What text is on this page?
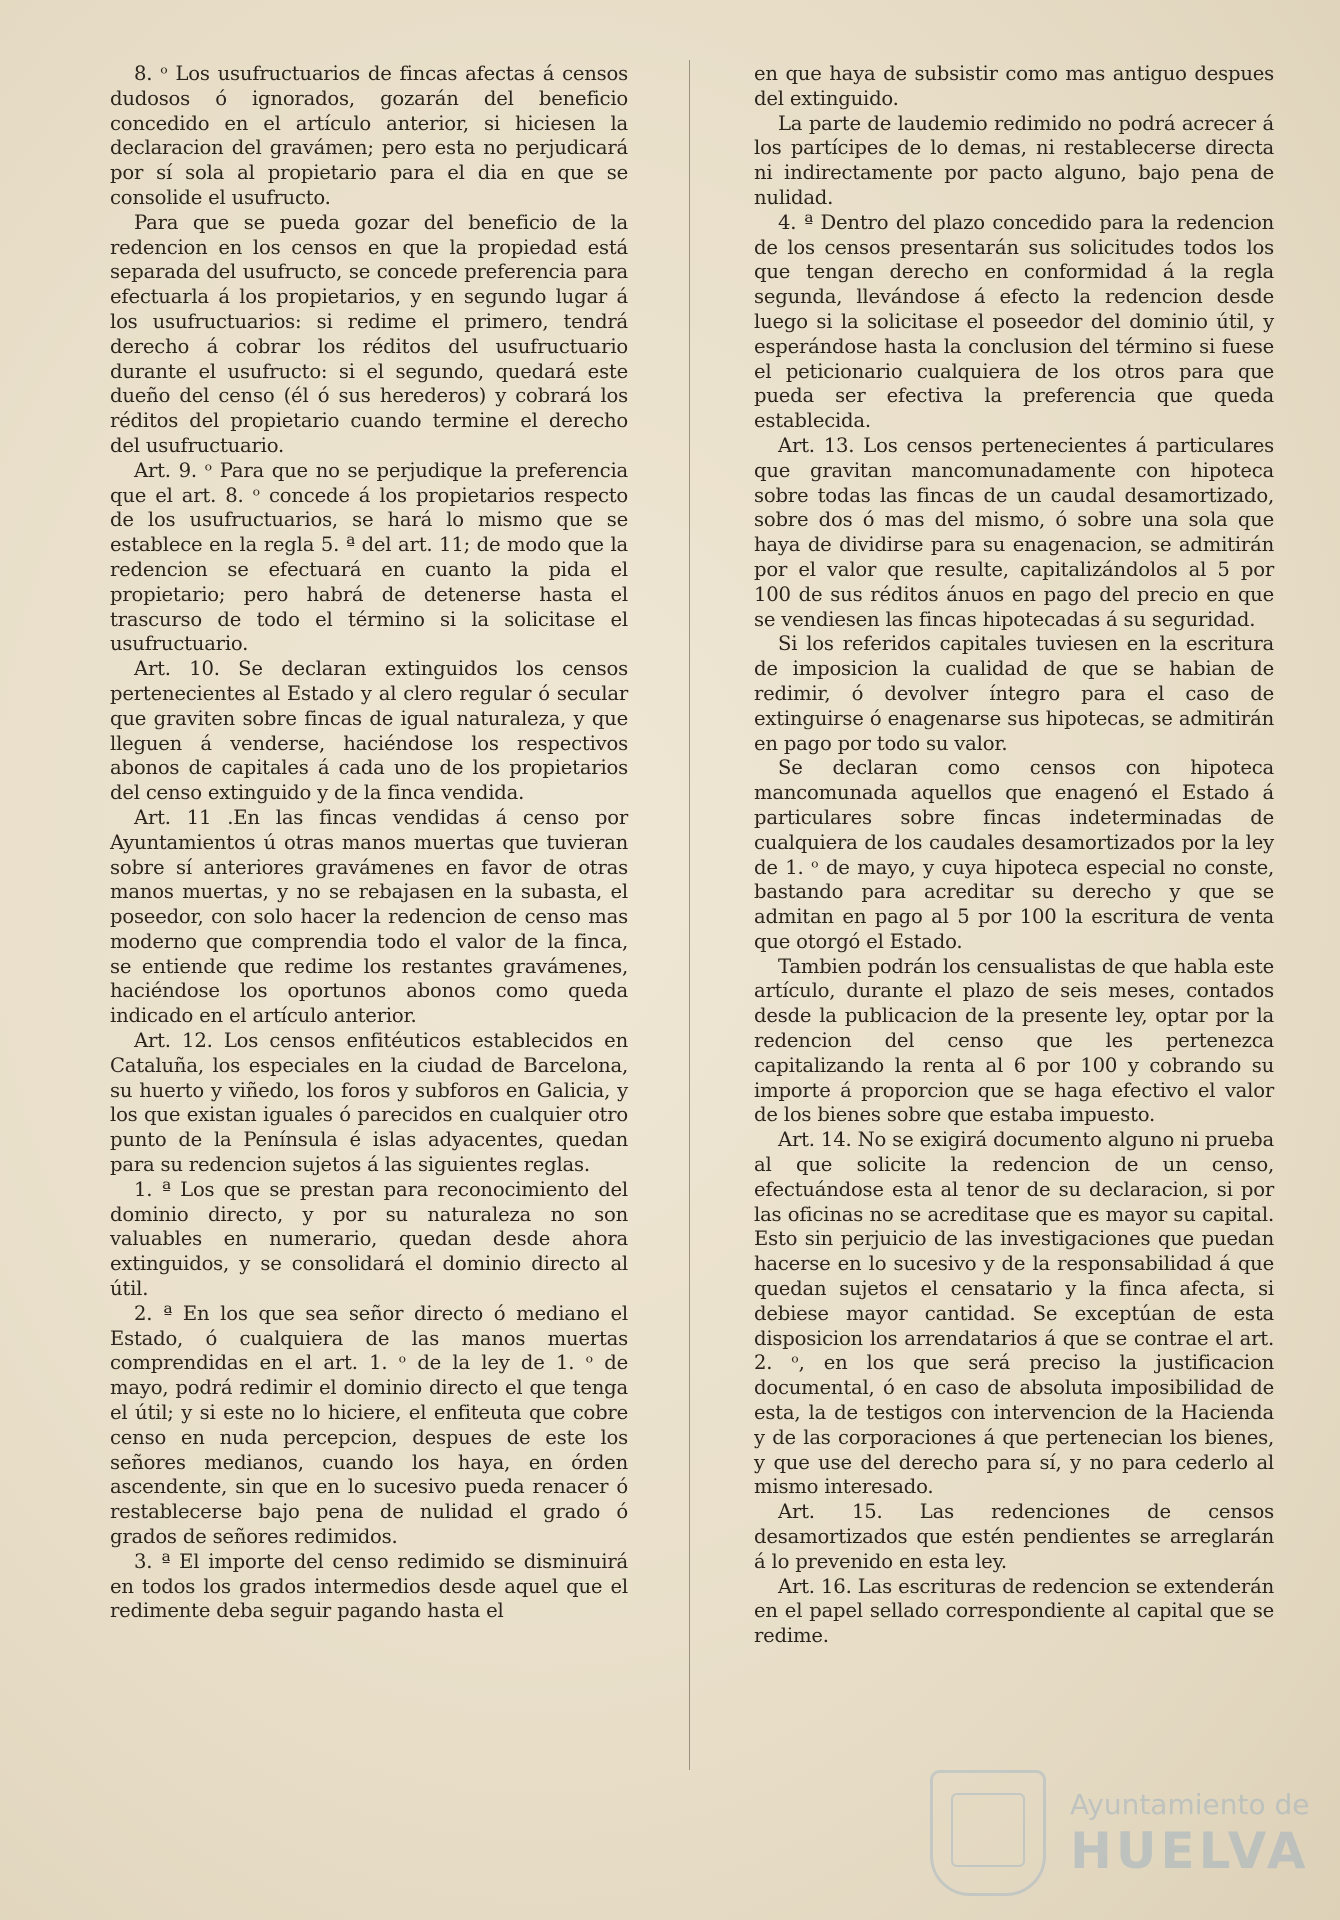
8. ᵒ Los usufructuarios de fincas afectas á censos dudosos ó ignorados, gozarán del beneficio concedido en el artículo anterior, si hiciesen la declaracion del gravámen; pero esta no perjudicará por sí sola al propietario para el dia en que se consolide el usufructo.

Para que se pueda gozar del beneficio de la redencion en los censos en que la propiedad está separada del usufructo, se concede preferencia para efectuarla á los propietarios, y en segundo lugar á los usufructuarios: si redime el primero, tendrá derecho á cobrar los réditos del usufructuario durante el usufructo: si el segundo, quedará este dueño del censo (él ó sus herederos) y cobrará los réditos del propietario cuando termine el derecho del usufructuario.

Art. 9. ᵒ Para que no se perjudique la preferencia que el art. 8. ᵒ concede á los propietarios respecto de los usufructuarios, se hará lo mismo que se establece en la regla 5. ª del art. 11; de modo que la redencion se efectuará en cuanto la pida el propietario; pero habrá de detenerse hasta el trascurso de todo el término si la solicitase el usufructuario.

Art. 10. Se declaran extinguidos los censos pertenecientes al Estado y al clero regular ó secular que graviten sobre fincas de igual naturaleza, y que lleguen á venderse, haciéndose los respectivos abonos de capitales á cada uno de los propietarios del censo extinguido y de la finca vendida.

Art. 11 .En las fincas vendidas á censo por Ayuntamientos ú otras manos muertas que tuvieran sobre sí anteriores gravámenes en favor de otras manos muertas, y no se rebajasen en la subasta, el poseedor, con solo hacer la redencion de censo mas moderno que comprendia todo el valor de la finca, se entiende que redime los restantes gravámenes, haciéndose los oportunos abonos como queda indicado en el artículo anterior.

Art. 12. Los censos enfitéuticos establecidos en Cataluña, los especiales en la ciudad de Barcelona, su huerto y viñedo, los foros y subforos en Galicia, y los que existan iguales ó parecidos en cualquier otro punto de la Península é islas adyacentes, quedan para su redencion sujetos á las siguientes reglas.

1. ª Los que se prestan para reconocimiento del dominio directo, y por su naturaleza no son valuables en numerario, quedan desde ahora extinguidos, y se consolidará el dominio directo al útil.

2. ª En los que sea señor directo ó mediano el Estado, ó cualquiera de las manos muertas comprendidas en el art. 1. ᵒ de la ley de 1. ᵒ de mayo, podrá redimir el dominio directo el que tenga el útil; y si este no lo hiciere, el enfiteuta que cobre censo en nuda percepcion, despues de este los señores medianos, cuando los haya, en órden ascendente, sin que en lo sucesivo pueda renacer ó restablecerse bajo pena de nulidad el grado ó grados de señores redimidos.

3. ª El importe del censo redimido se disminuirá en todos los grados intermedios desde aquel que el redimente deba seguir pagando hasta el

en que haya de subsistir como mas antiguo despues del extinguido.

La parte de laudemio redimido no podrá acrecer á los partícipes de lo demas, ni restablecerse directa ni indirectamente por pacto alguno, bajo pena de nulidad.

4. ª Dentro del plazo concedido para la redencion de los censos presentarán sus solicitudes todos los que tengan derecho en conformidad á la regla segunda, llevándose á efecto la redencion desde luego si la solicitase el poseedor del dominio útil, y esperándose hasta la conclusion del término si fuese el peticionario cualquiera de los otros para que pueda ser efectiva la preferencia que queda establecida.

Art. 13. Los censos pertenecientes á particulares que gravitan mancomunadamente con hipoteca sobre todas las fincas de un caudal desamortizado, sobre dos ó mas del mismo, ó sobre una sola que haya de dividirse para su enagenacion, se admitirán por el valor que resulte, capitalizándolos al 5 por 100 de sus réditos ánuos en pago del precio en que se vendiesen las fincas hipotecadas á su seguridad.

Si los referidos capitales tuviesen en la escritura de imposicion la cualidad de que se habian de redimir, ó devolver íntegro para el caso de extinguirse ó enagenarse sus hipotecas, se admitirán en pago por todo su valor.

Se declaran como censos con hipoteca mancomunada aquellos que enagenó el Estado á particulares sobre fincas indeterminadas de cualquiera de los caudales desamortizados por la ley de 1. ᵒ de mayo, y cuya hipoteca especial no conste, bastando para acreditar su derecho y que se admitan en pago al 5 por 100 la escritura de venta que otorgó el Estado.

Tambien podrán los censualistas de que habla este artículo, durante el plazo de seis meses, contados desde la publicacion de la presente ley, optar por la redencion del censo que les pertenezca capitalizando la renta al 6 por 100 y cobrando su importe á proporcion que se haga efectivo el valor de los bienes sobre que estaba impuesto.

Art. 14. No se exigirá documento alguno ni prueba al que solicite la redencion de un censo, efectuándose esta al tenor de su declaracion, si por las oficinas no se acreditase que es mayor su capital. Esto sin perjuicio de las investigaciones que puedan hacerse en lo sucesivo y de la responsabilidad á que quedan sujetos el censatario y la finca afecta, si debiese mayor cantidad. Se exceptúan de esta disposicion los arrendatarios á que se contrae el art. 2. ᵒ, en los que será preciso la justificacion documental, ó en caso de absoluta imposibilidad de esta, la de testigos con intervencion de la Hacienda y de las corporaciones á que pertenecian los bienes, y que use del derecho para sí, y no para cederlo al mismo interesado.

Art. 15. Las redenciones de censos desamortizados que estén pendientes se arreglarán á lo prevenido en esta ley.

Art. 16. Las escrituras de redencion se extenderán en el papel sellado correspondiente al capital que se redime.

Ayuntamiento de
HUELVA
